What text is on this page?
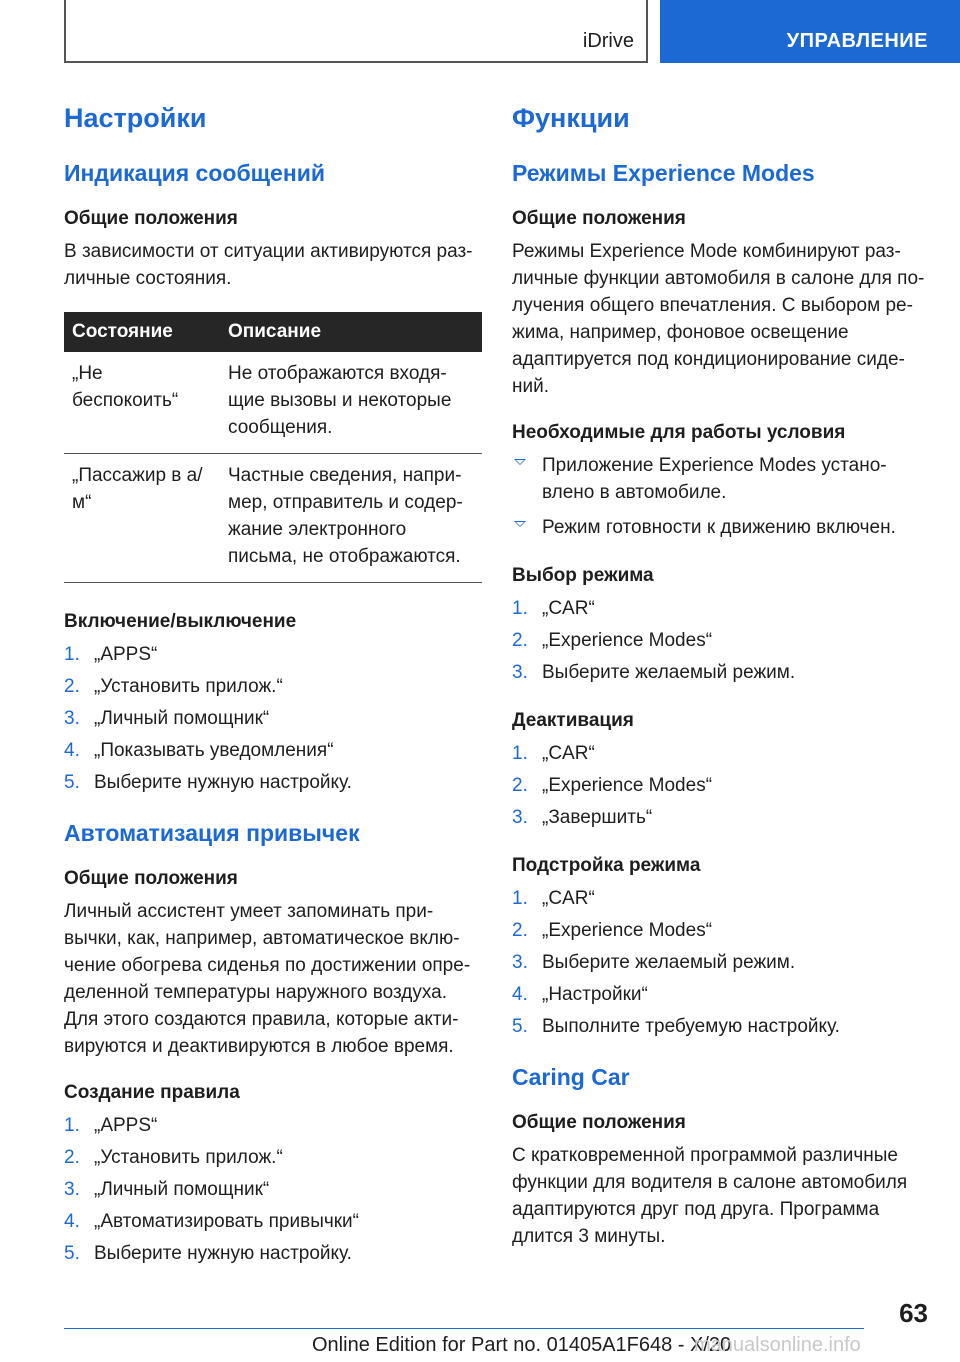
iDrive	УПРАВЛЕНИЕ
Настройки
Индикация сообщений
Общие положения

В зависимости от ситуации активируются раз-личные состояния.

Состояние	Описание
„Не беспокоить“	Не отображаются входя-щие вызовы и некоторые сообщения.
„Пассажир в а/м“	Частные сведения, напри-мер, отправитель и содер-жание электронного письма, не отображаются.
Включение/выключение
1. „APPS“
2. „Установить прилож.“
3. „Личный помощник“
4. „Показывать уведомления“
5. Выберите нужную настройку.
Автоматизация привычек
Общие положения

Личный ассистент умеет запоминать при-вычки, как, например, автоматическое вклю-чение обогрева сиденья по достижении опре-деленной температуры наружного воздуха. Для этого создаются правила, которые акти-вируются и деактивируются в любое время.

Создание правила
1. „APPS“
2. „Установить прилож.“
3. „Личный помощник“
4. „Автоматизировать привычки“
5. Выберите нужную настройку.
Функции
Режимы Experience Modes
Общие положения

Режимы Experience Mode комбинируют раз-личные функции автомобиля в салоне для по-лучения общего впечатления. С выбором ре-жима, например, фоновое освещение адаптируется под кондиционирование сиде-ний.

Необходимые для работы условия
Приложение Experience Modes устано-влено в автомобиле.
Режим готовности к движению включен.
Выбор режима
1. „CAR“
2. „Experience Modes“
3. Выберите желаемый режим.
Деактивация
1. „CAR“
2. „Experience Modes“
3. „Завершить“
Подстройка режима
1. „CAR“
2. „Experience Modes“
3. Выберите желаемый режим.
4. „Настройки“
5. Выполните требуемую настройку.
Caring Car
Общие положения

С кратковременной программой различные функции для водителя в салоне автомобиля адаптируются друг под друга. Программа длится 3 минуты.

63
Online Edition for Part no. 01405A1F648 - X/20
manualsonline.info
